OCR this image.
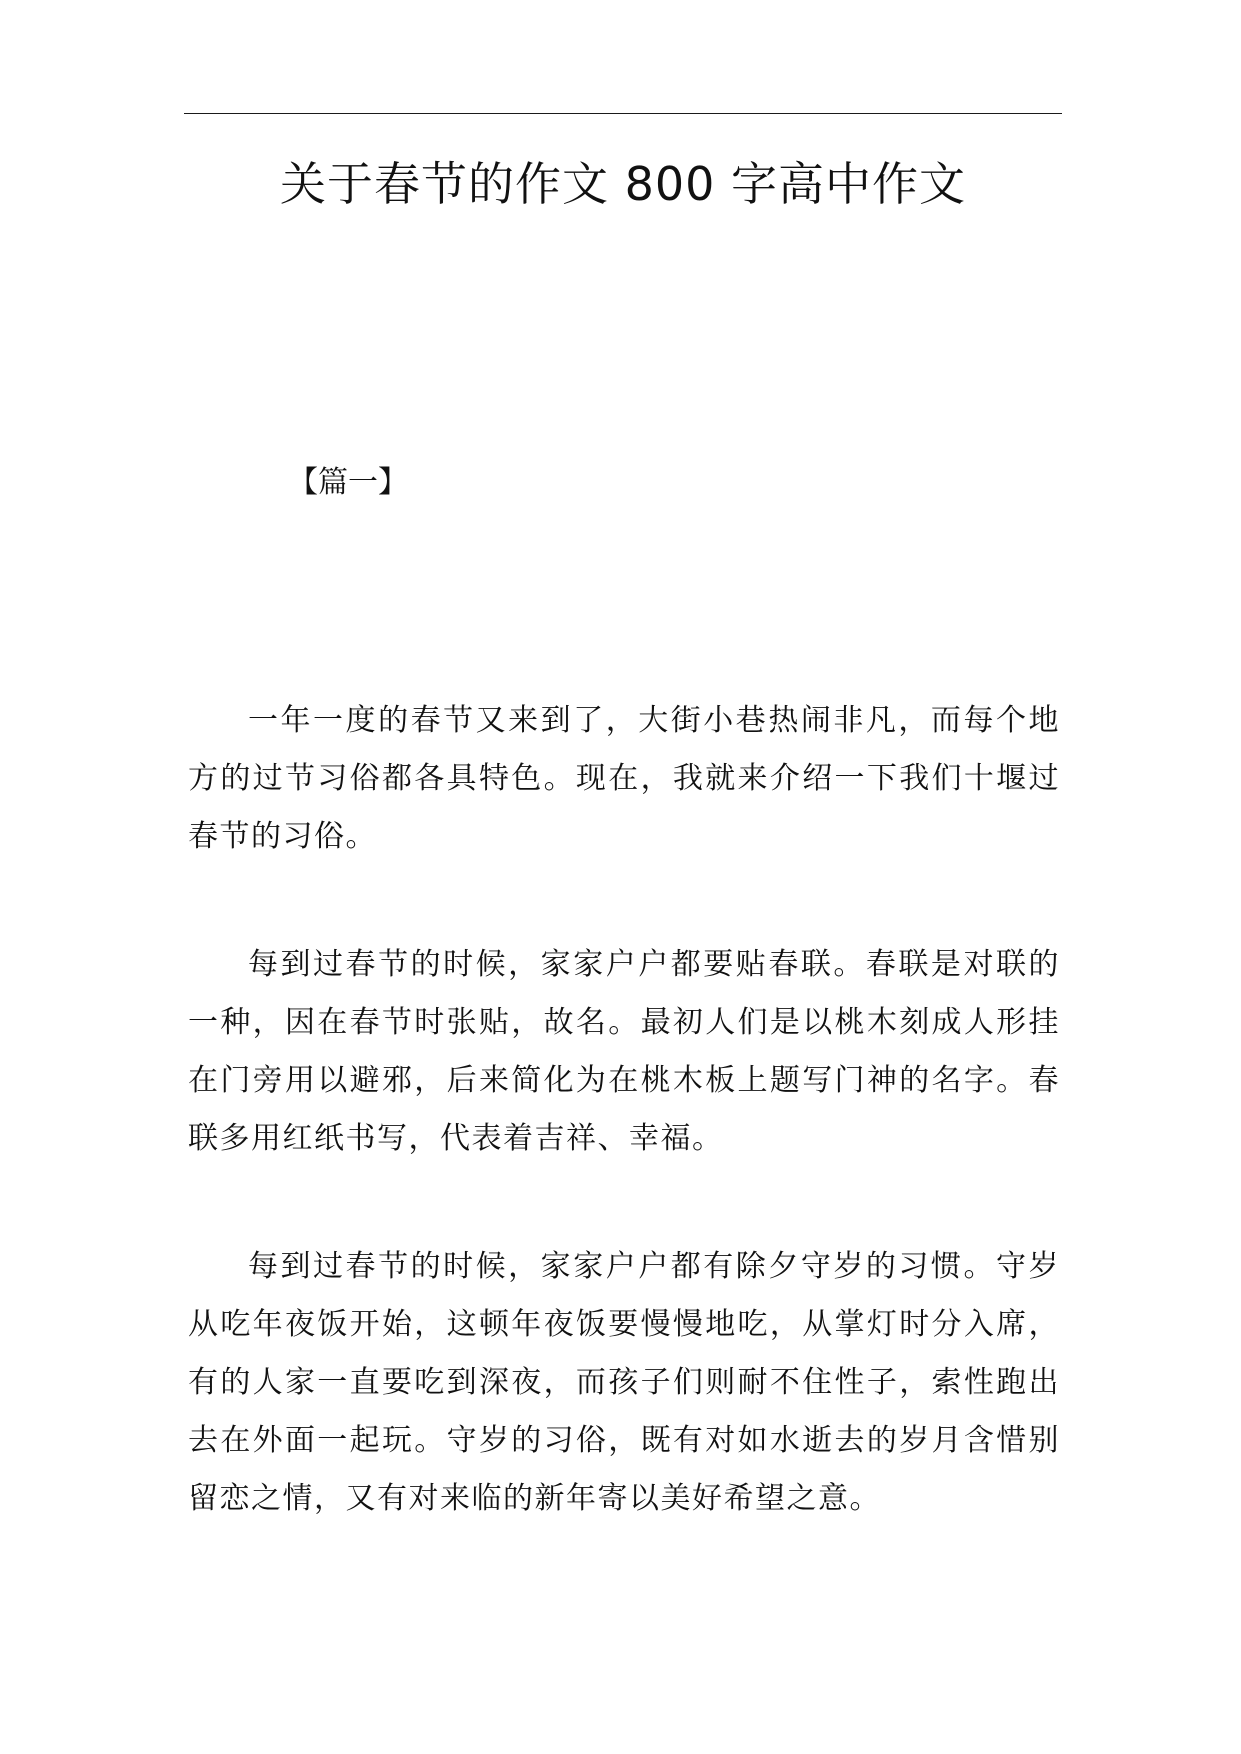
关于春节的作文 800 字高中作文

【篇一】

一年一度的春节又来到了，大街小巷热闹非凡，而每个地方的过节习俗都各具特色。现在，我就来介绍一下我们十堰过春节的习俗。

每到过春节的时候，家家户户都要贴春联。春联是对联的一种，因在春节时张贴，故名。最初人们是以桃木刻成人形挂在门旁用以避邪，后来简化为在桃木板上题写门神的名字。春联多用红纸书写，代表着吉祥、幸福。

每到过春节的时候，家家户户都有除夕守岁的习惯。守岁从吃年夜饭开始，这顿年夜饭要慢慢地吃，从掌灯时分入席，有的人家一直要吃到深夜，而孩子们则耐不住性子，索性跑出去在外面一起玩。守岁的习俗，既有对如水逝去的岁月含惜别留恋之情，又有对来临的新年寄以美好希望之意。
